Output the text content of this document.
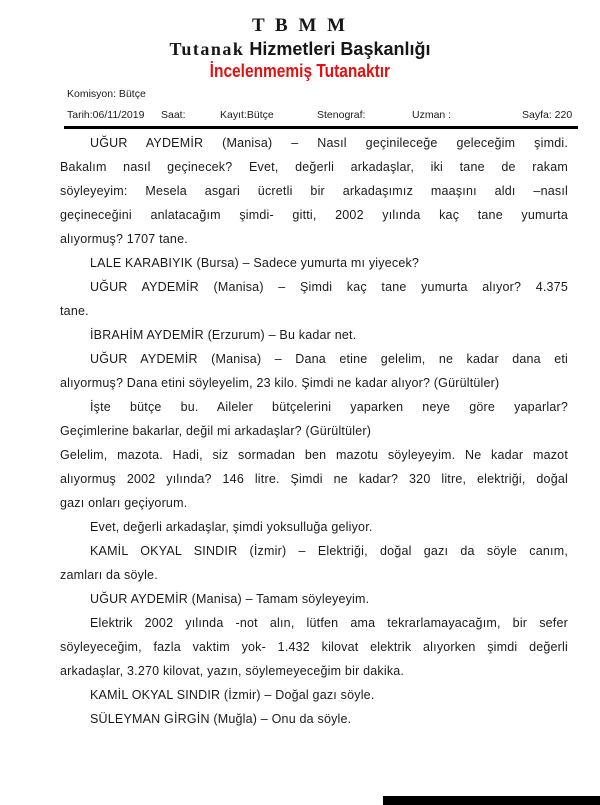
T B M M
Tutanak Hizmetleri Başkanlığı
İncelenmemiş Tutanaktır
Komisyon: Bütçe
Tarih:06/11/2019 Saat:	Kayıt:Bütçe	Stenograf:	Uzman :	Sayfa: 220
UĞUR AYDEMİR (Manisa) – Nasıl geçinileceğe geleceğim şimdi.
Bakalım nasıl geçinecek? Evet, değerli arkadaşlar, iki tane de rakam
söyleyeyim: Mesela asgari ücretli bir arkadaşımız maaşını aldı –nasıl
geçineceğini anlatacağım şimdi- gitti, 2002 yılında kaç tane yumurta
alıyormuş? 1707 tane.
LALE KARABIYIK (Bursa) – Sadece yumurta mı yiyecek?
UĞUR AYDEMİR (Manisa) – Şimdi kaç tane yumurta alıyor? 4.375
tane.
İBRAHİM AYDEMİR (Erzurum) – Bu kadar net.
UĞUR AYDEMİR (Manisa) – Dana etine gelelim, ne kadar dana eti
alıyormuş? Dana etini söyleyelim, 23 kilo. Şimdi ne kadar alıyor? (Gürültüler)
İşte bütçe bu. Aileler bütçelerini yaparken neye göre yaparlar?
Geçimlerine bakarlar, değil mi arkadaşlar? (Gürültüler)
Gelelim, mazota. Hadi, siz sormadan ben mazotu söyleyeyim. Ne kadar mazot
alıyormuş 2002 yılında? 146 litre. Şimdi ne kadar? 320 litre, elektriği, doğal
gazı onları geçiyorum.
Evet, değerli arkadaşlar, şimdi yoksulluğa geliyor.
KAMİL OKYAL SINDIR (İzmir) – Elektriği, doğal gazı da söyle canım,
zamları da söyle.
UĞUR AYDEMİR (Manisa) – Tamam söyleyeyim.
Elektrik 2002 yılında -not alın, lütfen ama tekrarlamayacağım, bir sefer
söyleyeceğim, fazla vaktim yok- 1.432 kilovat elektrik alıyorken şimdi değerli
arkadaşlar, 3.270 kilovat, yazın, söylemeyeceğim bir dakika.
KAMİL OKYAL SINDIR (İzmir) – Doğal gazı söyle.
SÜLEYMAN GİRGİN (Muğla) – Onu da söyle.
